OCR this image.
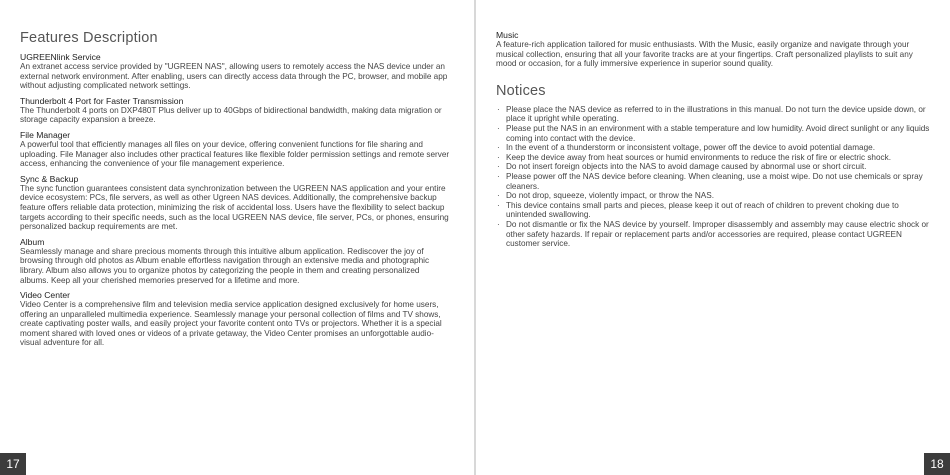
Features Description
UGREENlink Service

An extranet access service provided by "UGREEN NAS", allowing users to remotely access the NAS device under an external network environment. After enabling, users can directly access data through the PC, browser, and mobile app without adjusting complicated network settings.

Thunderbolt 4 Port for Faster Transmission

The Thunderbolt 4 ports on DXP480T Plus deliver up to 40Gbps of bidirectional bandwidth, making data migration or storage capacity expansion a breeze.

File Manager

A powerful tool that efficiently manages all files on your device, offering convenient functions for file sharing and uploading. File Manager also includes other practical features like flexible folder permission settings and remote server access, enhancing the convenience of your file management experience.

Sync & Backup

The sync function guarantees consistent data synchronization between the UGREEN NAS application and your entire device ecosystem: PCs, file servers, as well as other Ugreen NAS devices. Additionally, the comprehensive backup feature offers reliable data protection, minimizing the risk of accidental loss. Users have the flexibility to select backup targets according to their specific needs, such as the local UGREEN NAS device, file server, PCs, or phones, ensuring personalized backup requirements are met.

Album

Seamlessly manage and share precious moments through this intuitive album application. Rediscover the joy of browsing through old photos as Album enable effortless navigation through an extensive media and photographic library. Album also allows you to organize photos by categorizing the people in them and creating personalized albums. Keep all your cherished memories preserved for a lifetime and more.

Video Center

Video Center is a comprehensive film and television media service application designed exclusively for home users, offering an unparalleled multimedia experience. Seamlessly manage your personal collection of films and TV shows, create captivating poster walls, and easily project your favorite content onto TVs or projectors. Whether it is a special moment shared with loved ones or videos of a private getaway, the Video Center promises an unforgottable audio-visual adventure for all.

17
Music

A feature-rich application tailored for music enthusiasts. With the Music, easily organize and navigate through your musical collection, ensuring that all your favorite tracks are at your fingertips. Craft personalized playlists to suit any mood or occasion, for a fully immersive experience in superior sound quality.

Notices
· Please place the NAS device as referred to in the illustrations in this manual. Do not turn the device upside down, or place it upright while operating.
· Please put the NAS in an environment with a stable temperature and low humidity. Avoid direct sunlight or any liquids coming into contact with the device.
· In the event of a thunderstorm or inconsistent voltage, power off the device to avoid potential damage.
· Keep the device away from heat sources or humid environments to reduce the risk of fire or electric shock.
· Do not insert foreign objects into the NAS to avoid damage caused by abnormal use or short circuit.
· Please power off the NAS device before cleaning. When cleaning, use a moist wipe. Do not use chemicals or spray cleaners.
· Do not drop, squeeze, violently impact, or throw the NAS.
· This device contains small parts and pieces, please keep it out of reach of children to prevent choking due to unintended swallowing.
· Do not dismantle or fix the NAS device by yourself. Improper disassembly and assembly may cause electric shock or other safety hazards. If repair or replacement parts and/or accessories are required, please contact UGREEN customer service.
18
